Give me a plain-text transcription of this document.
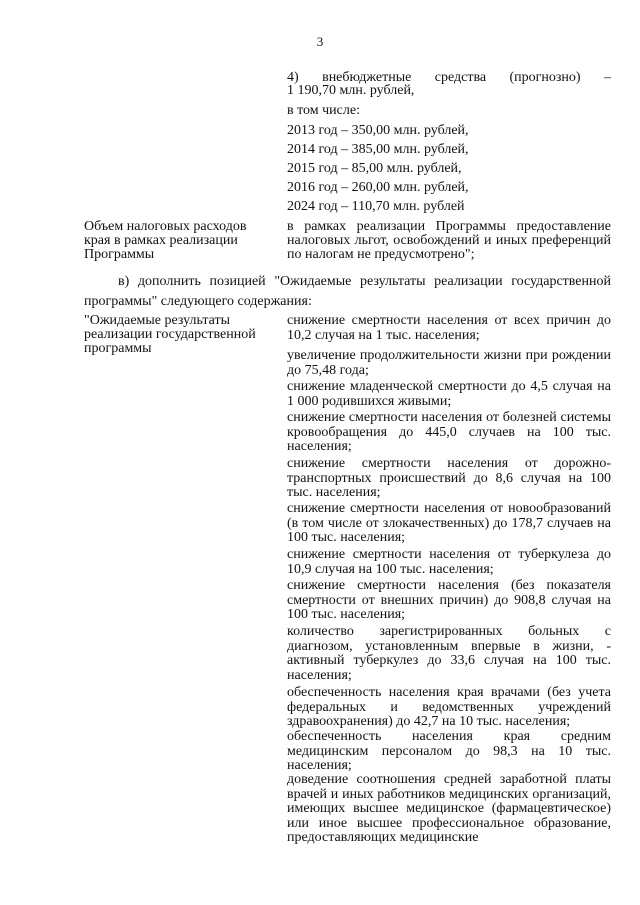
3
4) внебюджетные средства (прогнозно) –
1 190,70 млн. рублей,
в том числе:
2013 год – 350,00 млн. рублей,
2014 год – 385,00 млн. рублей,
2015 год – 85,00 млн. рублей,
2016 год – 260,00 млн. рублей,
2024 год – 110,70 млн. рублей
Объем налоговых расходов края в рамках реализации Программы
в рамках реализации Программы предоставление налоговых льгот, освобождений и иных преференций по налогам не предусмотрено";
в) дополнить позицией "Ожидаемые результаты реализации государственной программы" следующего содержания:
"Ожидаемые результаты реализации государственной программы
снижение смертности населения от всех причин до 10,2 случая на 1 тыс. населения;
увеличение продолжительности жизни при рождении до 75,48 года;
снижение младенческой смертности до 4,5 случая на 1 000 родившихся живыми;
снижение смертности населения от болезней системы кровообращения до 445,0 случаев на 100 тыс. населения;
снижение смертности населения от дорожно-транспортных происшествий до 8,6 случая на 100 тыс. населения;
снижение смертности населения от новообразований (в том числе от злокачественных) до 178,7 случаев на 100 тыс. населения;
снижение смертности населения от туберкулеза до 10,9 случая на 100 тыс. населения;
снижение смертности населения (без показателя смертности от внешних причин) до 908,8 случая на 100 тыс. населения;
количество зарегистрированных больных с диагнозом, установленным впервые в жизни, - активный туберкулез до 33,6 случая на 100 тыс. населения;
обеспеченность населения края врачами (без учета федеральных и ведомственных учреждений здравоохранения) до 42,7 на 10 тыс. населения;
обеспеченность населения края средним медицинским персоналом до 98,3 на 10 тыс. населения;
доведение соотношения средней заработной платы врачей и иных работников медицинских организаций, имеющих высшее медицинское (фармацевтическое) или иное высшее профессиональное образование, предоставляющих медицинские
